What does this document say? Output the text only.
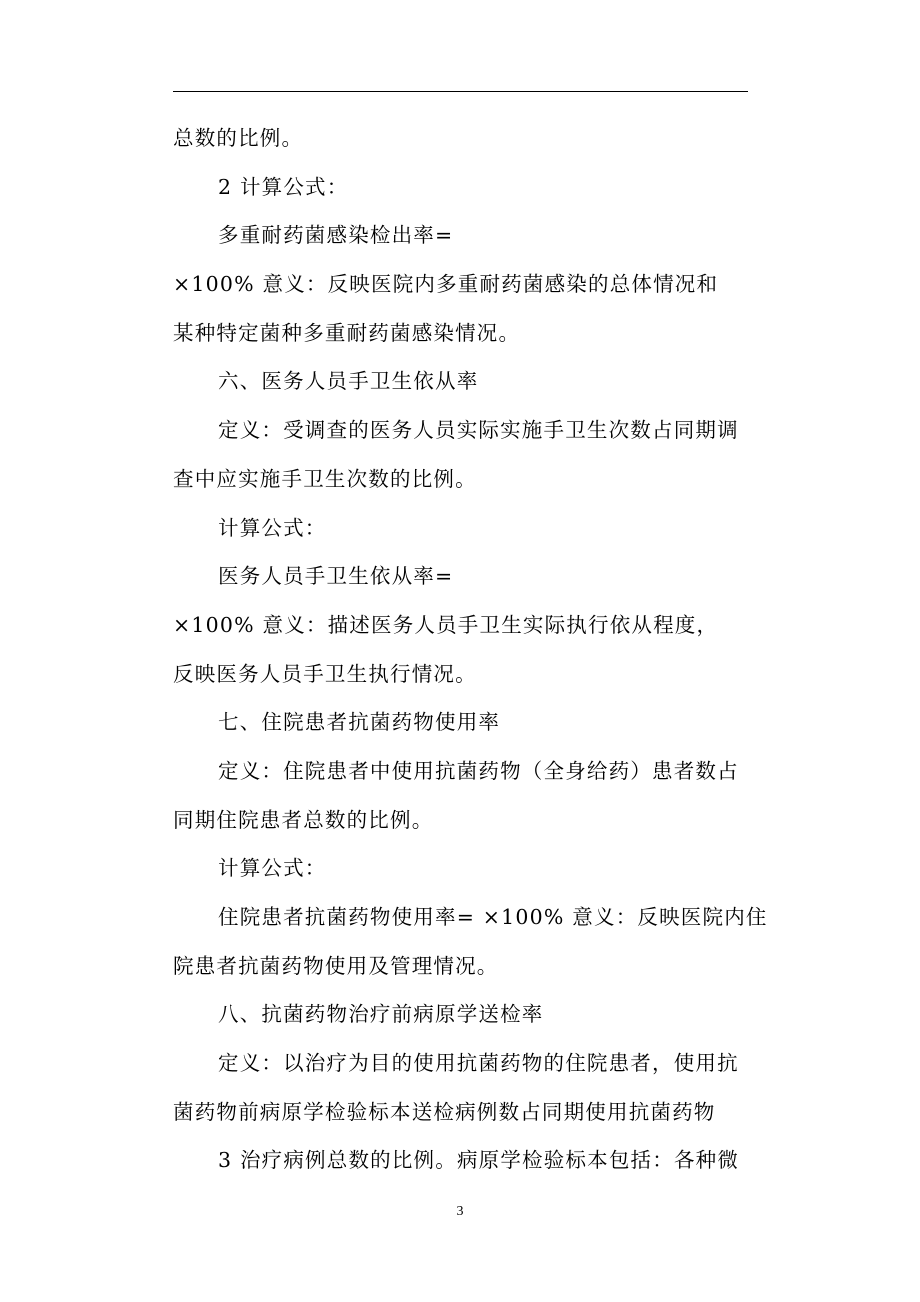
总数的比例。
2 计算公式：
多重耐药菌感染检出率=
×100% 意义：反映医院内多重耐药菌感染的总体情况和
某种特定菌种多重耐药菌感染情况。
六、医务人员手卫生依从率
定义：受调查的医务人员实际实施手卫生次数占同期调
查中应实施手卫生次数的比例。
计算公式：
医务人员手卫生依从率=
×100% 意义：描述医务人员手卫生实际执行依从程度，
反映医务人员手卫生执行情况。
七、住院患者抗菌药物使用率
定义：住院患者中使用抗菌药物（全身给药）患者数占
同期住院患者总数的比例。
计算公式：
住院患者抗菌药物使用率= ×100% 意义：反映医院内住
院患者抗菌药物使用及管理情况。
八、抗菌药物治疗前病原学送检率
定义：以治疗为目的使用抗菌药物的住院患者，使用抗
菌药物前病原学检验标本送检病例数占同期使用抗菌药物
3 治疗病例总数的比例。病原学检验标本包括：各种微
3
